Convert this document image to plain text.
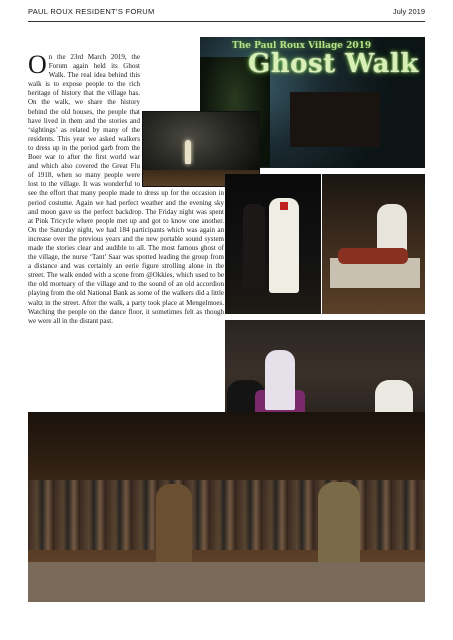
PAUL ROUX RESIDENT’S FORUM	July 2019
The Paul Roux Village 2019
Ghost Walk
O n the 23rd March 2019, the Forum again held its Ghost Walk. The real idea behind this walk is to expose people to the rich heritage of history that the village has. On the walk, we share the history behind the old houses, the people that have lived in them and the stories and ‘sightings’ as related by many of the residents. This year we asked walkers to dress up in the period garb from the Boer war to after the first world war and which also covered the Great Flu of 1918, when so many people were lost to the village. It was wonderful to see the effort that many people made to dress up for the occasion in period costume. Again we had perfect weather and the evening sky and moon gave us the perfect backdrop. The Friday night was spent at Pink Tricycle where people met up and got to know one another. On the Saturday night, we had 184 participants which was again an increase over the previous years and the new portable sound system made the stories clear and audible to all. The most famous ghost of the village, the nurse ‘Tant’ Saar was spotted leading the group from a distance and was certainly an eerie figure strolling alone in the street. The walk ended with a scene from @Okkies, which used to be the old mortuary of the village and to the sound of an old accordion playing from the old National Bank as some of the walkers did a little waltz in the street. After the walk, a party took place at Mengelmoes. Watching the people on the dance floor, it sometimes felt as though we were all in the distant past.
